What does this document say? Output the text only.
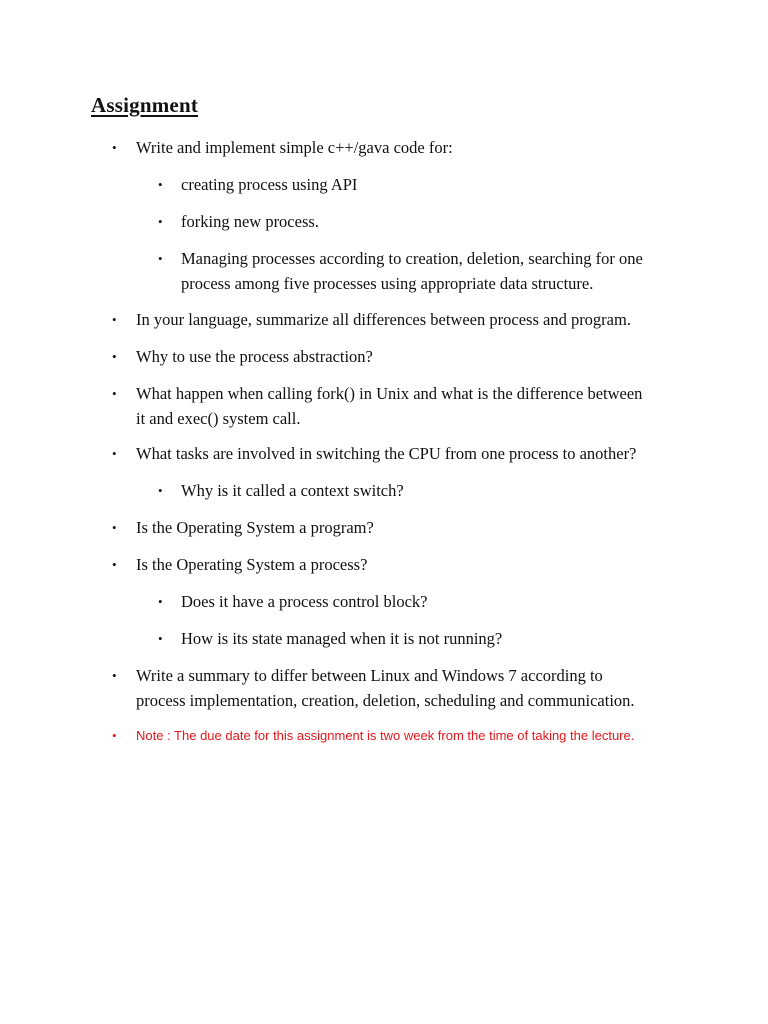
Assignment
• Write and implement simple c++/gava code for:
• creating process using API
• forking new process.
• Managing processes according to creation, deletion, searching for one
process among five processes using appropriate data structure.
• In your language, summarize all differences between process and program.
• Why to use the process abstraction?
• What happen when calling fork() in Unix and what is the difference between
it and exec() system call.
• What tasks are involved in switching the CPU from one process to another?
• Why is it called a context switch?
• Is the Operating System a program?
• Is the Operating System a process?
• Does it have a process control block?
• How is its state managed when it is not running?
• Write a summary to differ between Linux and Windows 7 according to
process implementation, creation, deletion, scheduling and communication.
• Note : The due date for this assignment is two week from the time of taking the lecture.
